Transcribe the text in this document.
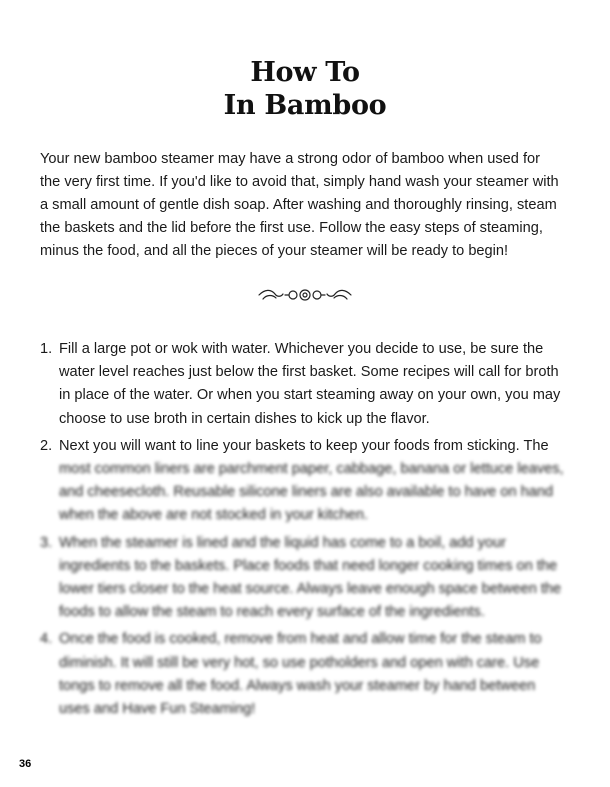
How To
In Bamboo

Your new bamboo steamer may have a strong odor of bamboo when used for the very first time. If you'd like to avoid that, simply hand wash your steamer with a small amount of gentle dish soap. After washing and thoroughly rinsing, steam the baskets and the lid before the first use. Follow the easy steps of steaming, minus the food, and all the pieces of your steamer will be ready to begin!

1. Fill a large pot or wok with water. Whichever you decide to use, be sure the water level reaches just below the first basket. Some recipes will call for broth in place of the water. Or when you start steaming away on your own, you may choose to use broth in certain dishes to kick up the flavor.
2. Next you will want to line your baskets to keep your foods from sticking. The
most common liners are parchment paper, cabbage, banana or lettuce leaves, and cheesecloth. Reusable silicone liners are also available to have on hand when the above are not stocked in your kitchen.
3. When the steamer is lined and the liquid has come to a boil, add your ingredients to the baskets. Place foods that need longer cooking times on the lower tiers closer to the heat source. Always leave enough space between the foods to allow the steam to reach every surface of the ingredients.
4. Once the food is cooked, remove from heat and allow time for the steam to diminish. It will still be very hot, so use potholders and open with care. Use tongs to remove all the food. Always wash your steamer by hand between uses and Have Fun Steaming!
36
